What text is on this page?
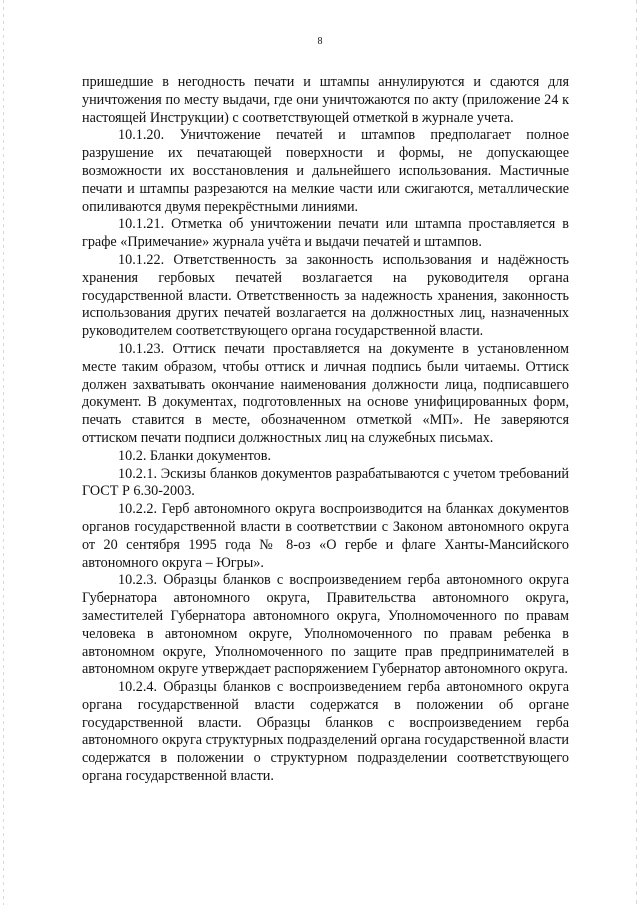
8

пришедшие в негодность печати и штампы аннулируются и сдаются для уничтожения по месту выдачи, где они уничтожаются по акту (приложение 24 к настоящей Инструкции) с соответствующей отметкой в журнале учета.

10.1.20. Уничтожение печатей и штампов предполагает полное разрушение их печатающей поверхности и формы, не допускающее возможности их восстановления и дальнейшего использования. Мастичные печати и штампы разрезаются на мелкие части или сжигаются, металлические опиливаются двумя перекрёстными линиями.

10.1.21. Отметка об уничтожении печати или штампа проставляется в графе «Примечание» журнала учёта и выдачи печатей и штампов.

10.1.22. Ответственность за законность использования и надёжность хранения гербовых печатей возлагается на руководителя органа государственной власти. Ответственность за надежность хранения, законность использования других печатей возлагается на должностных лиц, назначенных руководителем соответствующего органа государственной власти.

10.1.23. Оттиск печати проставляется на документе в установленном месте таким образом, чтобы оттиск и личная подпись были читаемы. Оттиск должен захватывать окончание наименования должности лица, подписавшего документ. В документах, подготовленных на основе унифицированных форм, печать ставится в месте, обозначенном отметкой «МП». Не заверяются оттиском печати подписи должностных лиц на служебных письмах.

10.2. Бланки документов.

10.2.1. Эскизы бланков документов разрабатываются с учетом требований ГОСТ Р 6.30-2003.

10.2.2. Герб автономного округа воспроизводится на бланках документов органов государственной власти в соответствии с Законом автономного округа от 20 сентября 1995 года № 8-оз «О гербе и флаге Ханты-Мансийского автономного округа – Югры».

10.2.3. Образцы бланков с воспроизведением герба автономного округа Губернатора автономного округа, Правительства автономного округа, заместителей Губернатора автономного округа, Уполномоченного по правам человека в автономном округе, Уполномоченного по правам ребенка в автономном округе, Уполномоченного по защите прав предпринимателей в автономном округе утверждает распоряжением Губернатор автономного округа.

10.2.4. Образцы бланков с воспроизведением герба автономного округа органа государственной власти содержатся в положении об органе государственной власти. Образцы бланков с воспроизведением герба автономного округа структурных подразделений органа государственной власти содержатся в положении о структурном подразделении соответствующего органа государственной власти.
